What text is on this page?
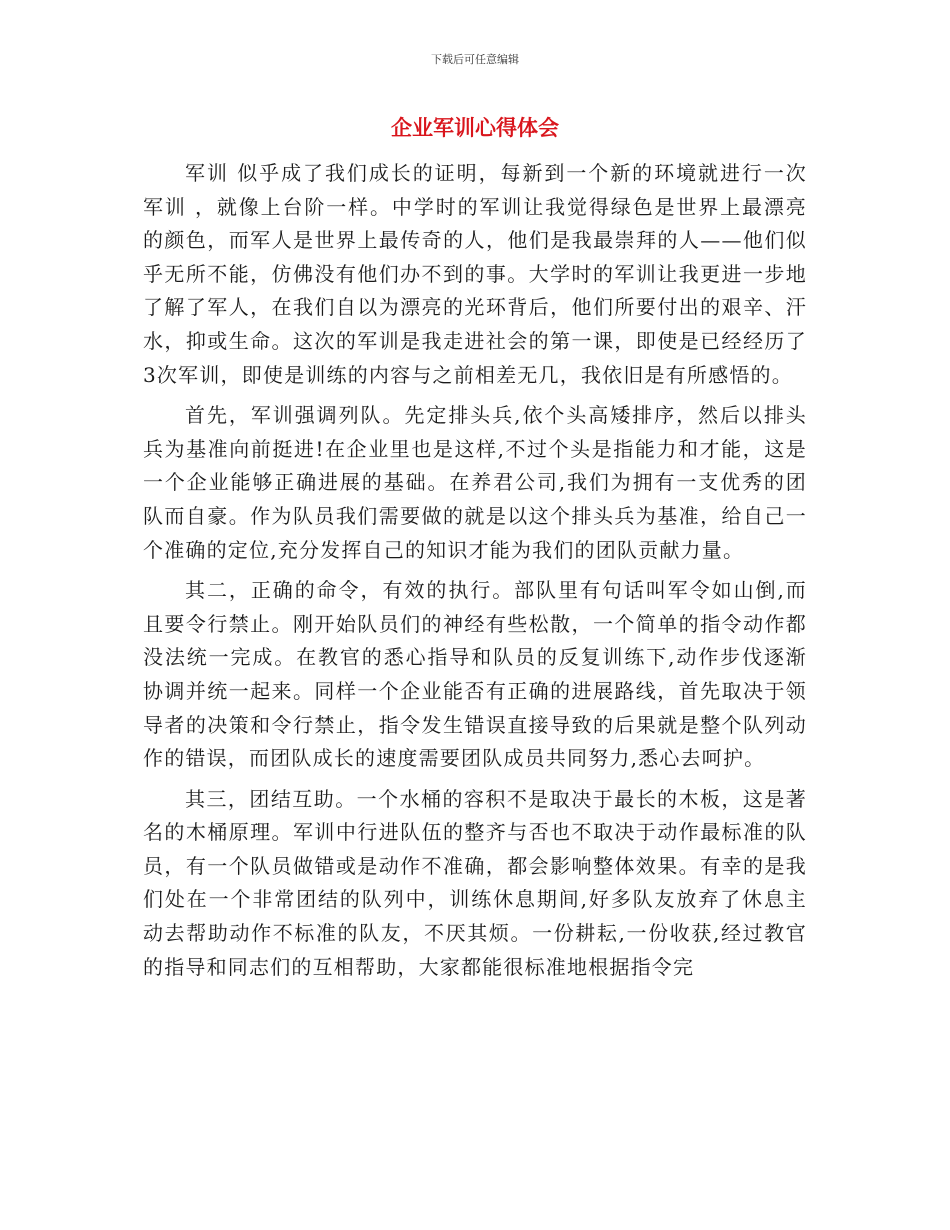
下载后可任意编辑
企业军训心得体会

军训 似乎成了我们成长的证明，每新到一个新的环境就进行一次军训 ，就像上台阶一样。中学时的军训让我觉得绿色是世界上最漂亮的颜色，而军人是世界上最传奇的人，他们是我最崇拜的人——他们似乎无所不能，仿佛没有他们办不到的事。大学时的军训让我更进一步地了解了军人，在我们自以为漂亮的光环背后，他们所要付出的艰辛、汗水，抑或生命。这次的军训是我走进社会的第一课，即使是已经经历了3次军训，即使是训练的内容与之前相差无几，我依旧是有所感悟的。

首先，军训强调列队。先定排头兵,依个头高矮排序，然后以排头兵为基准向前挺进!在企业里也是这样,不过个头是指能力和才能，这是一个企业能够正确进展的基础。在养君公司,我们为拥有一支优秀的团队而自豪。作为队员我们需要做的就是以这个排头兵为基准，给自己一个准确的定位,充分发挥自己的知识才能为我们的团队贡献力量。

其二，正确的命令，有效的执行。部队里有句话叫军令如山倒,而且要令行禁止。刚开始队员们的神经有些松散，一个简单的指令动作都没法统一完成。在教官的悉心指导和队员的反复训练下,动作步伐逐渐协调并统一起来。同样一个企业能否有正确的进展路线，首先取决于领导者的决策和令行禁止，指令发生错误直接导致的后果就是整个队列动作的错误，而团队成长的速度需要团队成员共同努力,悉心去呵护。

其三，团结互助。一个水桶的容积不是取决于最长的木板，这是著名的木桶原理。军训中行进队伍的整齐与否也不取决于动作最标准的队员，有一个队员做错或是动作不准确，都会影响整体效果。有幸的是我们处在一个非常团结的队列中，训练休息期间,好多队友放弃了休息主动去帮助动作不标准的队友，不厌其烦。一份耕耘,一份收获,经过教官的指导和同志们的互相帮助，大家都能很标准地根据指令完
